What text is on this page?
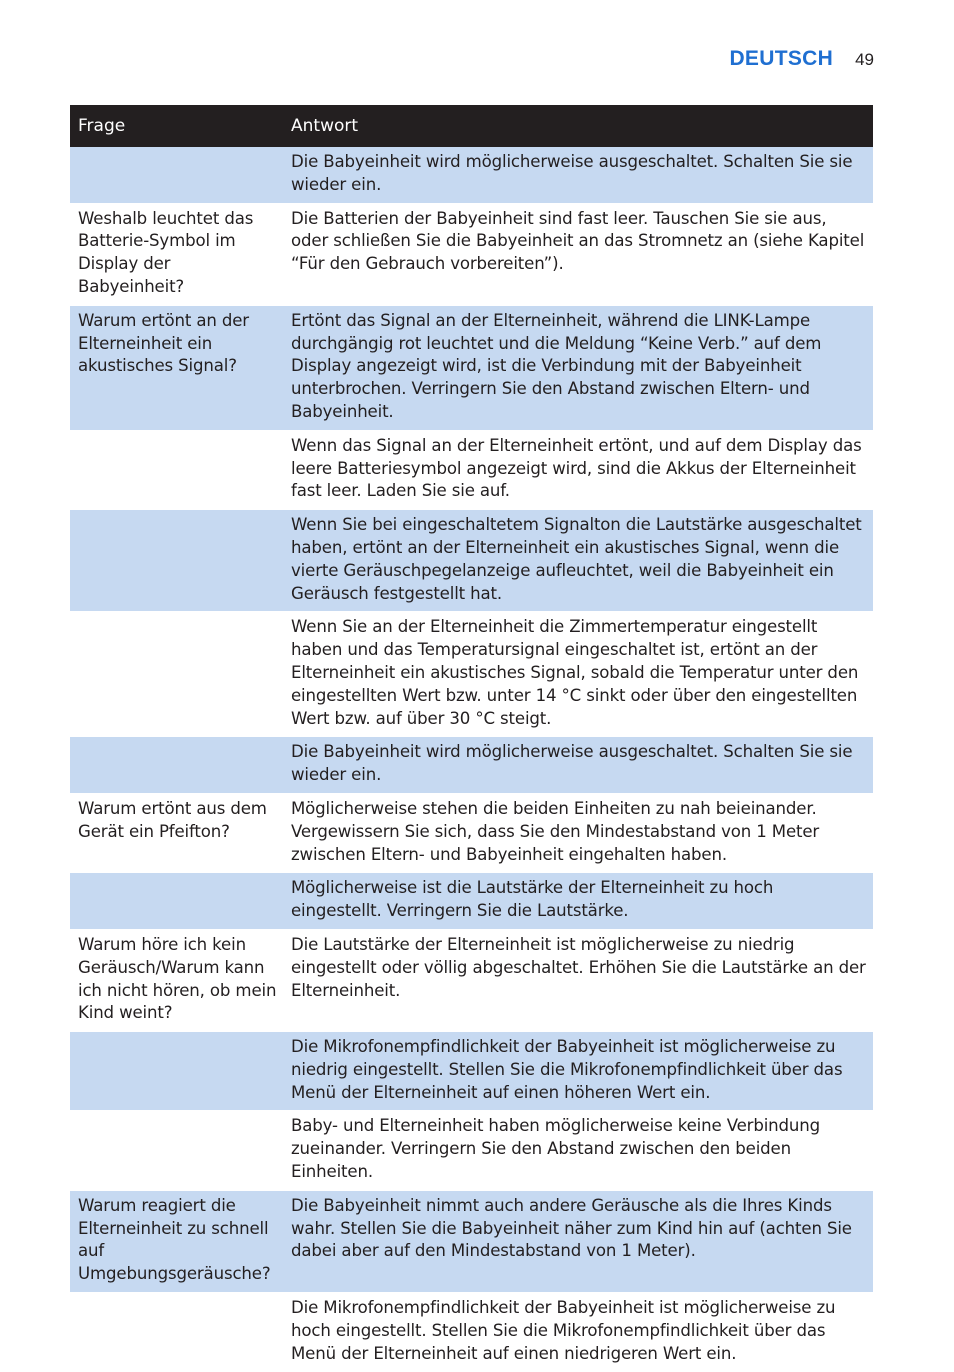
DEUTSCH 49
Frage	Antwort

Die Babyeinheit wird möglicherweise ausgeschaltet. Schalten Sie sie wieder ein.

Weshalb leuchtet das Batterie-Symbol im Display der Babyeinheit?

Die Batterien der Babyeinheit sind fast leer. Tauschen Sie sie aus, oder schließen Sie die Babyeinheit an das Stromnetz an (siehe Kapitel “Für den Gebrauch vorbereiten”).

Warum ertönt an der Elterneinheit ein akustisches Signal?

Ertönt das Signal an der Elterneinheit, während die LINK-Lampe durchgängig rot leuchtet und die Meldung “Keine Verb.” auf dem Display angezeigt wird, ist die Verbindung mit der Babyeinheit unterbrochen. Verringern Sie den Abstand zwischen Eltern- und Babyeinheit.

Wenn das Signal an der Elterneinheit ertönt, und auf dem Display das leere Batteriesymbol angezeigt wird, sind die Akkus der Elterneinheit fast leer. Laden Sie sie auf.

Wenn Sie bei eingeschaltetem Signalton die Lautstärke ausgeschaltet haben, ertönt an der Elterneinheit ein akustisches Signal, wenn die vierte Geräuschpegelanzeige aufleuchtet, weil die Babyeinheit ein Geräusch festgestellt hat.

Wenn Sie an der Elterneinheit die Zimmertemperatur eingestellt haben und das Temperatursignal eingeschaltet ist, ertönt an der Elterneinheit ein akustisches Signal, sobald die Temperatur unter den eingestellten Wert bzw. unter 14 °C sinkt oder über den eingestellten Wert bzw. auf über 30 °C steigt.

Die Babyeinheit wird möglicherweise ausgeschaltet. Schalten Sie sie wieder ein.

Warum ertönt aus dem Gerät ein Pfeifton?

Möglicherweise stehen die beiden Einheiten zu nah beieinander. Vergewissern Sie sich, dass Sie den Mindestabstand von 1 Meter zwischen Eltern- und Babyeinheit eingehalten haben.

Möglicherweise ist die Lautstärke der Elterneinheit zu hoch eingestellt. Verringern Sie die Lautstärke.

Warum höre ich kein Geräusch/Warum kann ich nicht hören, ob mein Kind weint?

Die Lautstärke der Elterneinheit ist möglicherweise zu niedrig eingestellt oder völlig abgeschaltet. Erhöhen Sie die Lautstärke an der Elterneinheit.

Die Mikrofonempfindlichkeit der Babyeinheit ist möglicherweise zu niedrig eingestellt. Stellen Sie die Mikrofonempfindlichkeit über das Menü der Elterneinheit auf einen höheren Wert ein.

Baby- und Elterneinheit haben möglicherweise keine Verbindung zueinander. Verringern Sie den Abstand zwischen den beiden Einheiten.

Warum reagiert die Elterneinheit zu schnell auf Umgebungsgeräusche?

Die Babyeinheit nimmt auch andere Geräusche als die Ihres Kinds wahr. Stellen Sie die Babyeinheit näher zum Kind hin auf (achten Sie dabei aber auf den Mindestabstand von 1 Meter).

Die Mikrofonempfindlichkeit der Babyeinheit ist möglicherweise zu hoch eingestellt. Stellen Sie die Mikrofonempfindlichkeit über das Menü der Elterneinheit auf einen niedrigeren Wert ein.
